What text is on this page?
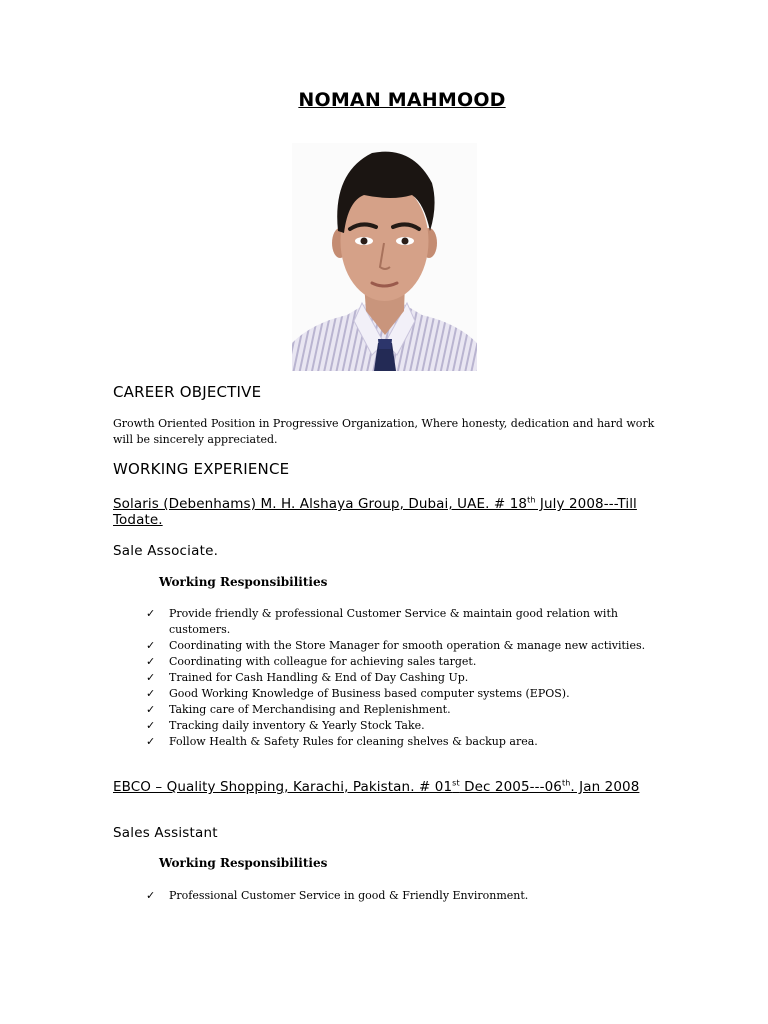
NOMAN MAHMOOD
CAREER OBJECTIVE
Growth Oriented Position in Progressive Organization, Where honesty, dedication and hard work will be sincerely appreciated.
WORKING EXPERIENCE
Solaris (Debenhams) M. H. Alshaya Group, Dubai, UAE. # 18th July 2008---Till Todate.
Sale Associate.
Working Responsibilities
✓ Provide friendly & professional Customer Service & maintain good relation with customers.
✓ Coordinating with the Store Manager for smooth operation & manage new activities.
✓ Coordinating with colleague for achieving sales target.
✓ Trained for Cash Handling & End of Day Cashing Up.
✓ Good Working Knowledge of Business based computer systems (EPOS).
✓ Taking care of Merchandising and Replenishment.
✓ Tracking daily inventory & Yearly Stock Take.
✓ Follow Health & Safety Rules for cleaning shelves & backup area.
EBCO – Quality Shopping, Karachi, Pakistan. # 01st Dec 2005---06th. Jan 2008
Sales Assistant
Working Responsibilities
✓ Professional Customer Service in good & Friendly Environment.
